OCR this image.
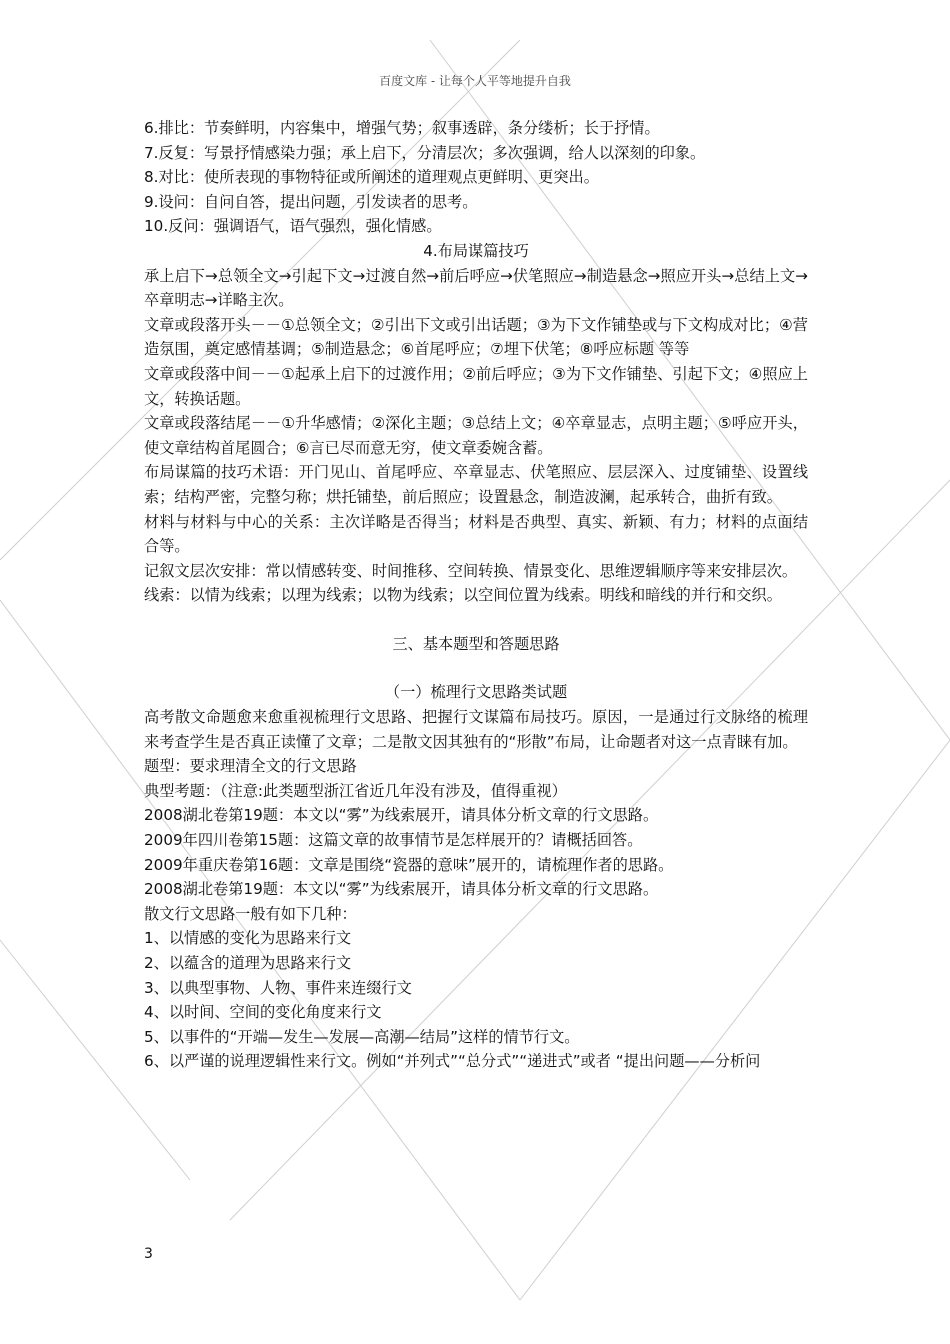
百度文库 - 让每个人平等地提升自我

6.排比：节奏鲜明，内容集中，增强气势；叙事透辟，条分缕析；长于抒情。

7.反复：写景抒情感染力强；承上启下，分清层次；多次强调，给人以深刻的印象。

8.对比：使所表现的事物特征或所阐述的道理观点更鲜明、更突出。

9.设问：自问自答，提出问题，引发读者的思考。

10.反问：强调语气，语气强烈，强化情感。

4.布局谋篇技巧

承上启下→总领全文→引起下文→过渡自然→前后呼应→伏笔照应→制造悬念→照应开头→总结上文→卒章明志→详略主次。

文章或段落开头－－①总领全文；②引出下文或引出话题；③为下文作铺垫或与下文构成对比；④营造氛围，奠定感情基调；⑤制造悬念；⑥首尾呼应；⑦埋下伏笔；⑧呼应标题 等等

文章或段落中间－－①起承上启下的过渡作用；②前后呼应；③为下文作铺垫、引起下文；④照应上文，转换话题。

文章或段落结尾－－①升华感情；②深化主题；③总结上文；④卒章显志，点明主题；⑤呼应开头，使文章结构首尾圆合；⑥言已尽而意无穷，使文章委婉含蓄。

布局谋篇的技巧术语：开门见山、首尾呼应、卒章显志、伏笔照应、层层深入、过度铺垫、设置线索；结构严密，完整匀称；烘托铺垫，前后照应；设置悬念，制造波澜，起承转合，曲折有致。

材料与材料与中心的关系：主次详略是否得当；材料是否典型、真实、新颖、有力；材料的点面结合等。

记叙文层次安排：常以情感转变、时间推移、空间转换、情景变化、思维逻辑顺序等来安排层次。

线索：以情为线索；以理为线索；以物为线索；以空间位置为线索。明线和暗线的并行和交织。

三、基本题型和答题思路

（一）梳理行文思路类试题

高考散文命题愈来愈重视梳理行文思路、把握行文谋篇布局技巧。原因，一是通过行文脉络的梳理来考查学生是否真正读懂了文章；二是散文因其独有的“形散”布局，让命题者对这一点青睐有加。

题型：要求理清全文的行文思路

典型考题：（注意:此类题型浙江省近几年没有涉及，值得重视）

2008湖北卷第19题：本文以“雾”为线索展开，请具体分析文章的行文思路。

2009年四川卷第15题：这篇文章的故事情节是怎样展开的？请概括回答。

2009年重庆卷第16题：文章是围绕“瓷器的意味”展开的，请梳理作者的思路。

2008湖北卷第19题：本文以“雾”为线索展开，请具体分析文章的行文思路。

散文行文思路一般有如下几种：

1、以情感的变化为思路来行文

2、以蕴含的道理为思路来行文

3、以典型事物、人物、事件来连缀行文

4、以时间、空间的变化角度来行文

5、以事件的“开端—发生—发展—高潮—结局”这样的情节行文。

6、以严谨的说理逻辑性来行文。例如“并列式”“总分式”“递进式”或者 “提出问题——分析问

3
